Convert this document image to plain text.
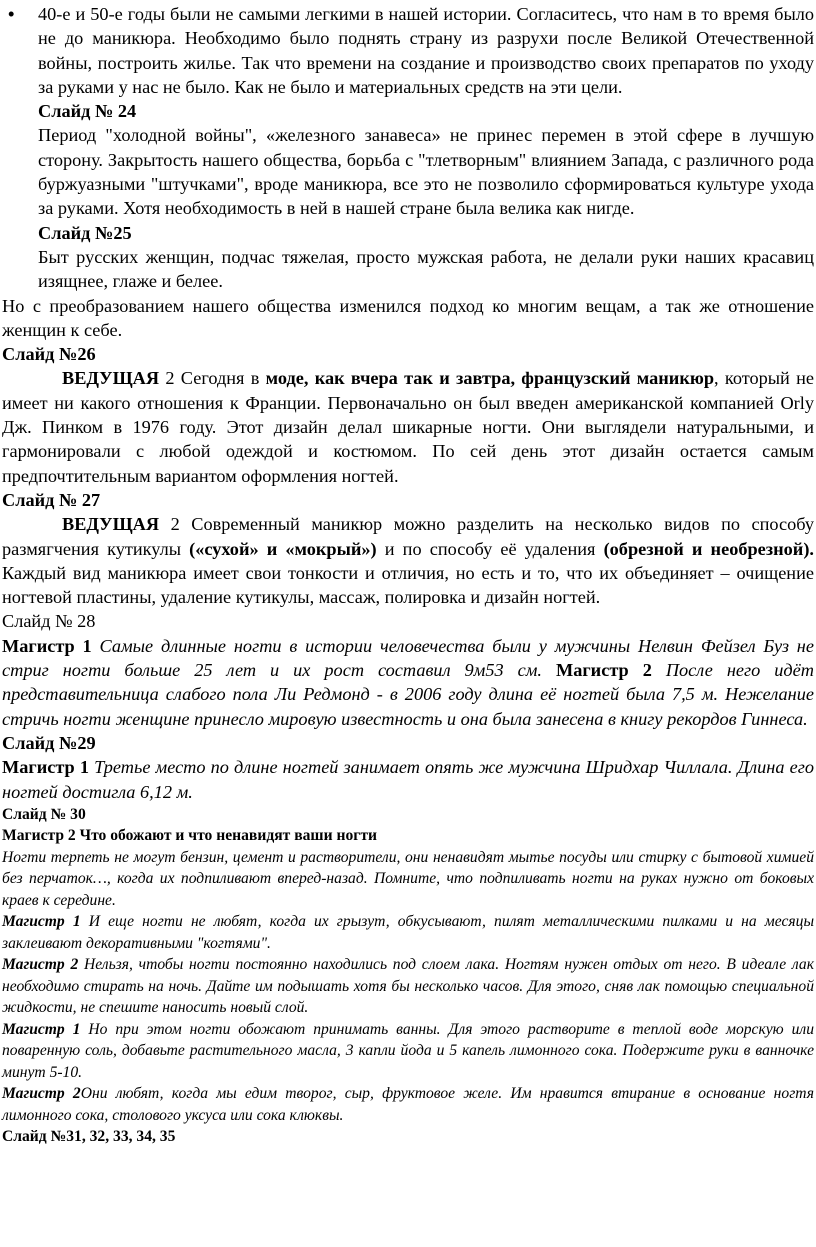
• 40-е и 50-е годы были не самыми легкими в нашей истории. Согласитесь, что нам в то время было не до маникюра. Необходимо было поднять страну из разрухи после Великой Отечественной войны, построить жилье. Так что времени на создание и производство своих препаратов по уходу за руками у нас не было. Как не было и материальных средств на эти цели.

Слайд № 24

Период "холодной войны", «железного занавеса» не принес перемен в этой сфере в лучшую сторону. Закрытость нашего общества, борьба с "тлетворным" влиянием Запада, с различного рода буржуазными "штучками", вроде маникюра, все это не позволило сформироваться культуре ухода за руками. Хотя необходимость в ней в нашей стране была велика как нигде.

Слайд №25

Быт русских женщин, подчас тяжелая, просто мужская работа, не делали руки наших красавиц изящнее, глаже и белее.

Но с преобразованием нашего общества изменился подход ко многим вещам, а так же отношение женщин к себе.

Слайд №26

ВЕДУЩАЯ 2 Сегодня в моде, как вчера так и завтра, французский маникюр, который не имеет ни какого отношения к Франции. Первоначально он был введен американской компанией Orly Дж. Пинком в 1976 году. Этот дизайн делал шикарные ногти. Они выглядели натуральными, и гармонировали с любой одеждой и костюмом. По сей день этот дизайн остается самым предпочтительным вариантом оформления ногтей.

Слайд № 27

ВЕДУЩАЯ 2 Современный маникюр можно разделить на несколько видов по способу размягчения кутикулы («сухой» и «мокрый») и по способу её удаления (обрезной и необрезной). Каждый вид маникюра имеет свои тонкости и отличия, но есть и то, что их объединяет – очищение ногтевой пластины, удаление кутикулы, массаж, полировка и дизайн ногтей.

Слайд № 28

Магистр 1 Самые длинные ногти в истории человечества были у мужчины Нелвин Фейзел Буз не стриг ногти больше 25 лет и их рост составил 9м53 см. Магистр 2 После него идёт представительница слабого пола Ли Редмонд - в 2006 году длина её ногтей была 7,5 м. Нежелание стричь ногти женщине принесло мировую известность и она была занесена в книгу рекордов Гиннеса.

Слайд №29

Магистр 1 Третье место по длине ногтей занимает опять же мужчина Шридхар Чиллала. Длина его ногтей достигла 6,12 м.

Слайд № 30

Магистр 2 Что обожают и что ненавидят ваши ногти

Ногти терпеть не могут бензин, цемент и растворители, они ненавидят мытье посуды или стирку с бытовой химией без перчаток…, когда их подпиливают вперед-назад. Помните, что подпиливать ногти на руках нужно от боковых краев к середине.

Магистр 1 И еще ногти не любят, когда их грызут, обкусывают, пилят металлическими пилками и на месяцы заклеивают декоративными "когтями".

Магистр 2 Нельзя, чтобы ногти постоянно находились под слоем лака. Ногтям нужен отдых от него. В идеале лак необходимо стирать на ночь. Дайте им подышать хотя бы несколько часов. Для этого, сняв лак помощью специальной жидкости, не спешите наносить новый слой.

Магистр 1 Но при этом ногти обожают принимать ванны. Для этого растворите в теплой воде морскую или поваренную соль, добавьте растительного масла, 3 капли йода и 5 капель лимонного сока. Подержите руки в ванночке минут 5-10.

Магистр 2Они любят, когда мы едим творог, сыр, фруктовое желе. Им нравится втирание в основание ногтя лимонного сока, столового уксуса или сока клюквы.

Слайд №31, 32, 33, 34, 35
